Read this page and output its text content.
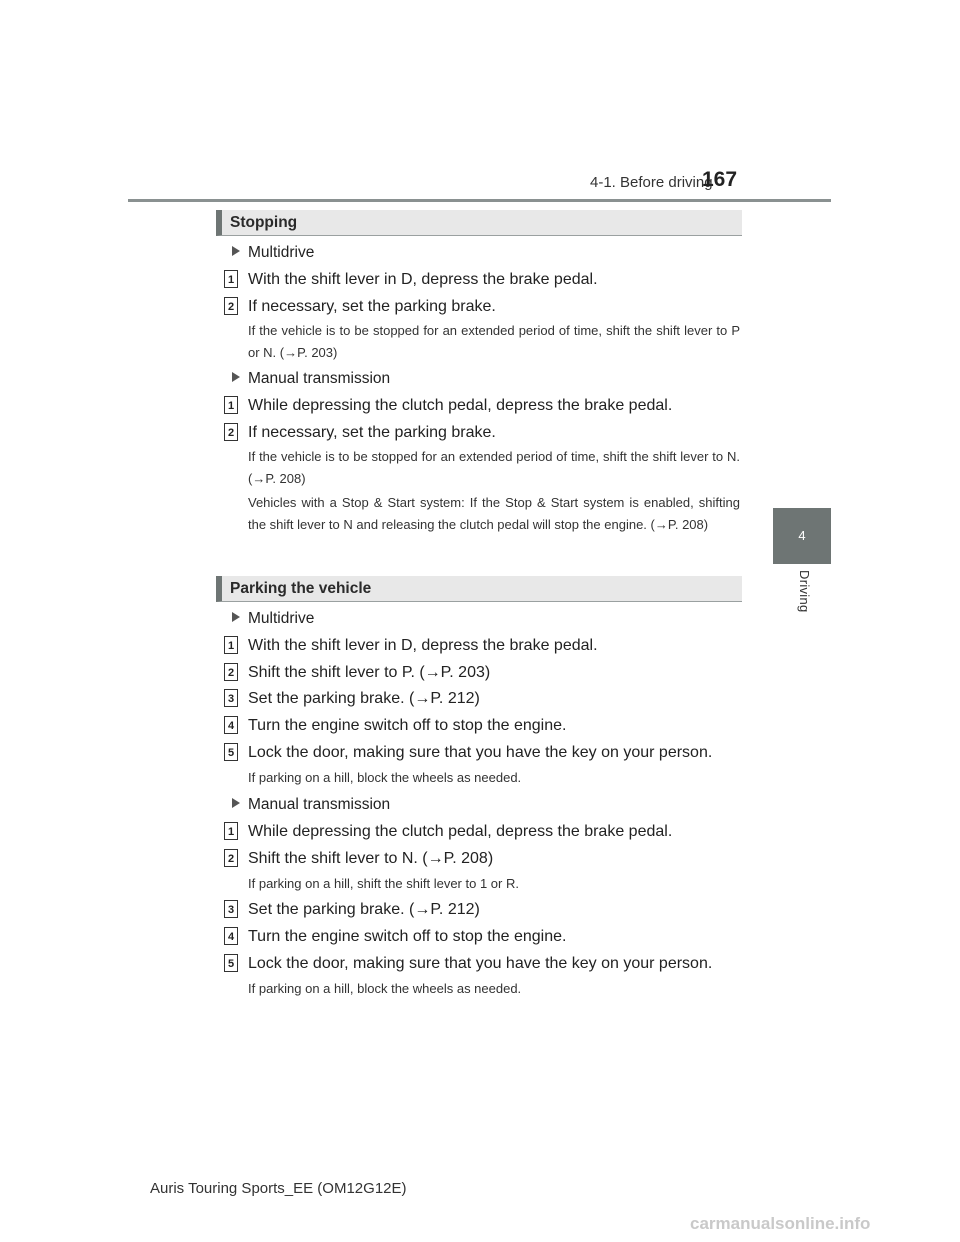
4-1. Before driving
167
4
Driving
Stopping
Multidrive
1 With the shift lever in D, depress the brake pedal.
2 If necessary, set the parking brake.
If the vehicle is to be stopped for an extended period of time, shift the shift lever to P or N. (→P. 203)
Manual transmission
1 While depressing the clutch pedal, depress the brake pedal.
2 If necessary, set the parking brake.
If the vehicle is to be stopped for an extended period of time, shift the shift lever to N. (→P. 208)
Vehicles with a Stop & Start system: If the Stop & Start system is enabled, shifting the shift lever to N and releasing the clutch pedal will stop the engine. (→P. 208)
Parking the vehicle
Multidrive
1 With the shift lever in D, depress the brake pedal.
2 Shift the shift lever to P. (→P. 203)
3 Set the parking brake. (→P. 212)
4 Turn the engine switch off to stop the engine.
5 Lock the door, making sure that you have the key on your person.
If parking on a hill, block the wheels as needed.
Manual transmission
1 While depressing the clutch pedal, depress the brake pedal.
2 Shift the shift lever to N. (→P. 208)
If parking on a hill, shift the shift lever to 1 or R.
3 Set the parking brake. (→P. 212)
4 Turn the engine switch off to stop the engine.
5 Lock the door, making sure that you have the key on your person.
If parking on a hill, block the wheels as needed.
Auris Touring Sports_EE (OM12G12E)
carmanualsonline.info
